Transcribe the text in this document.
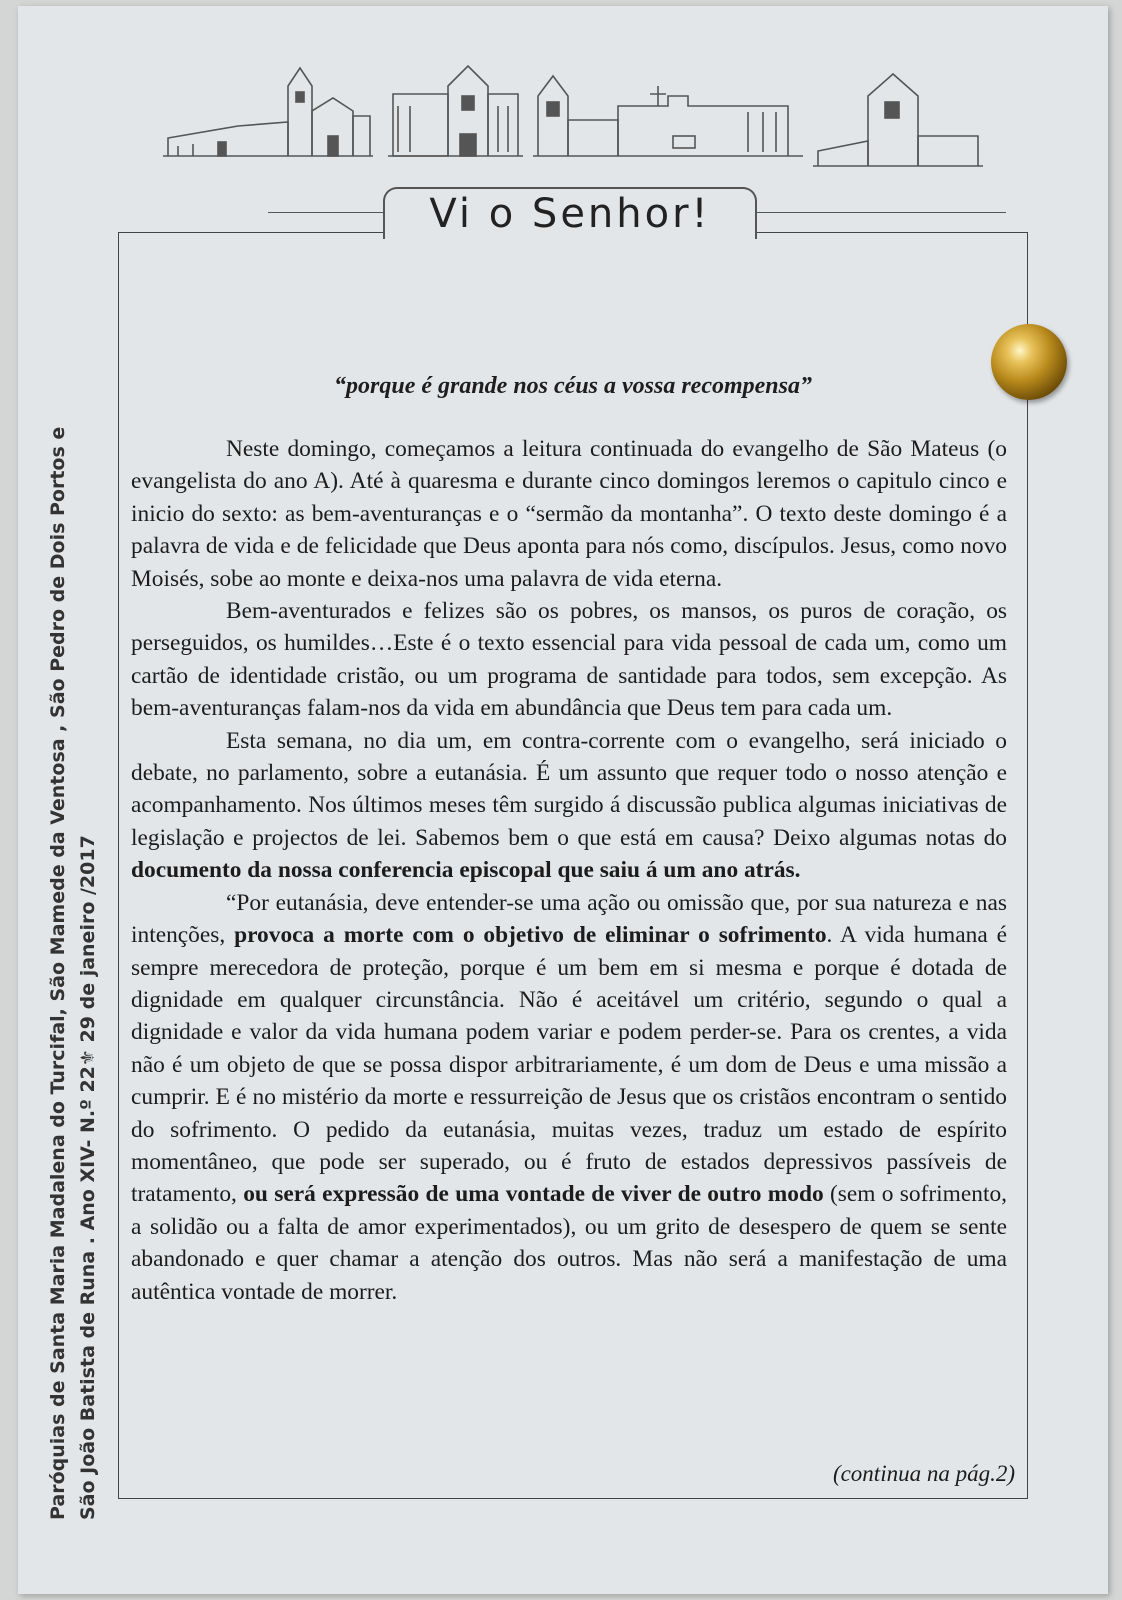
Vi o Senhor!
“porque é grande nos céus a vossa recompensa”

Neste domingo, começamos a leitura continuada do evangelho de São Mateus (o evangelista do ano A). Até à quaresma e durante cinco domingos leremos o capitulo cinco e inicio do sexto: as bem-aventuranças e o “sermão da montanha”. O texto deste domingo é a palavra de vida e de felicidade que Deus aponta para nós como, discípulos. Jesus, como novo Moisés, sobe ao monte e deixa-nos uma palavra de vida eterna.

Bem-aventurados e felizes são os pobres, os mansos, os puros de coração, os perseguidos, os humildes…Este é o texto essencial para vida pessoal de cada um, como um cartão de identidade cristão, ou um programa de santidade para todos, sem excepção. As bem-aventuranças falam-nos da vida em abundância que Deus tem para cada um.

Esta semana, no dia um, em contra-corrente com o evangelho, será iniciado o debate, no parlamento, sobre a eutanásia. É um assunto que requer todo o nosso atenção e acompanhamento. Nos últimos meses têm surgido á discussão publica algumas iniciativas de legislação e projectos de lei. Sabemos bem o que está em causa? Deixo algumas notas do documento da nossa conferencia episcopal que saiu á um ano atrás.

“Por eutanásia, deve entender-se uma ação ou omissão que, por sua natureza e nas intenções, provoca a morte com o objetivo de eliminar o sofrimento. A vida humana é sempre merecedora de proteção, porque é um bem em si mesma e porque é dotada de dignidade em qualquer circunstância. Não é aceitável um critério, segundo o qual a dignidade e valor da vida humana podem variar e podem perder-se. Para os crentes, a vida não é um objeto de que se possa dispor arbitrariamente, é um dom de Deus e uma missão a cumprir. E é no mistério da morte e ressurreição de Jesus que os cristãos encontram o sentido do sofrimento. O pedido da eutanásia, muitas vezes, traduz um estado de espírito momentâneo, que pode ser superado, ou é fruto de estados depressivos passíveis de tratamento, ou será expressão de uma vontade de viver de outro modo (sem o sofrimento, a solidão ou a falta de amor experimentados), ou um grito de desespero de quem se sente abandonado e quer chamar a atenção dos outros. Mas não será a manifestação de uma autêntica vontade de morrer.

(continua na pág.2)
Paróquias de Santa Maria Madalena do Turcifal, São Mamede da Ventosa , São Pedro de Dois Portos e São João Batista de Runa . Ano XIV- N.º 22⚜ 29 de janeiro /2017
